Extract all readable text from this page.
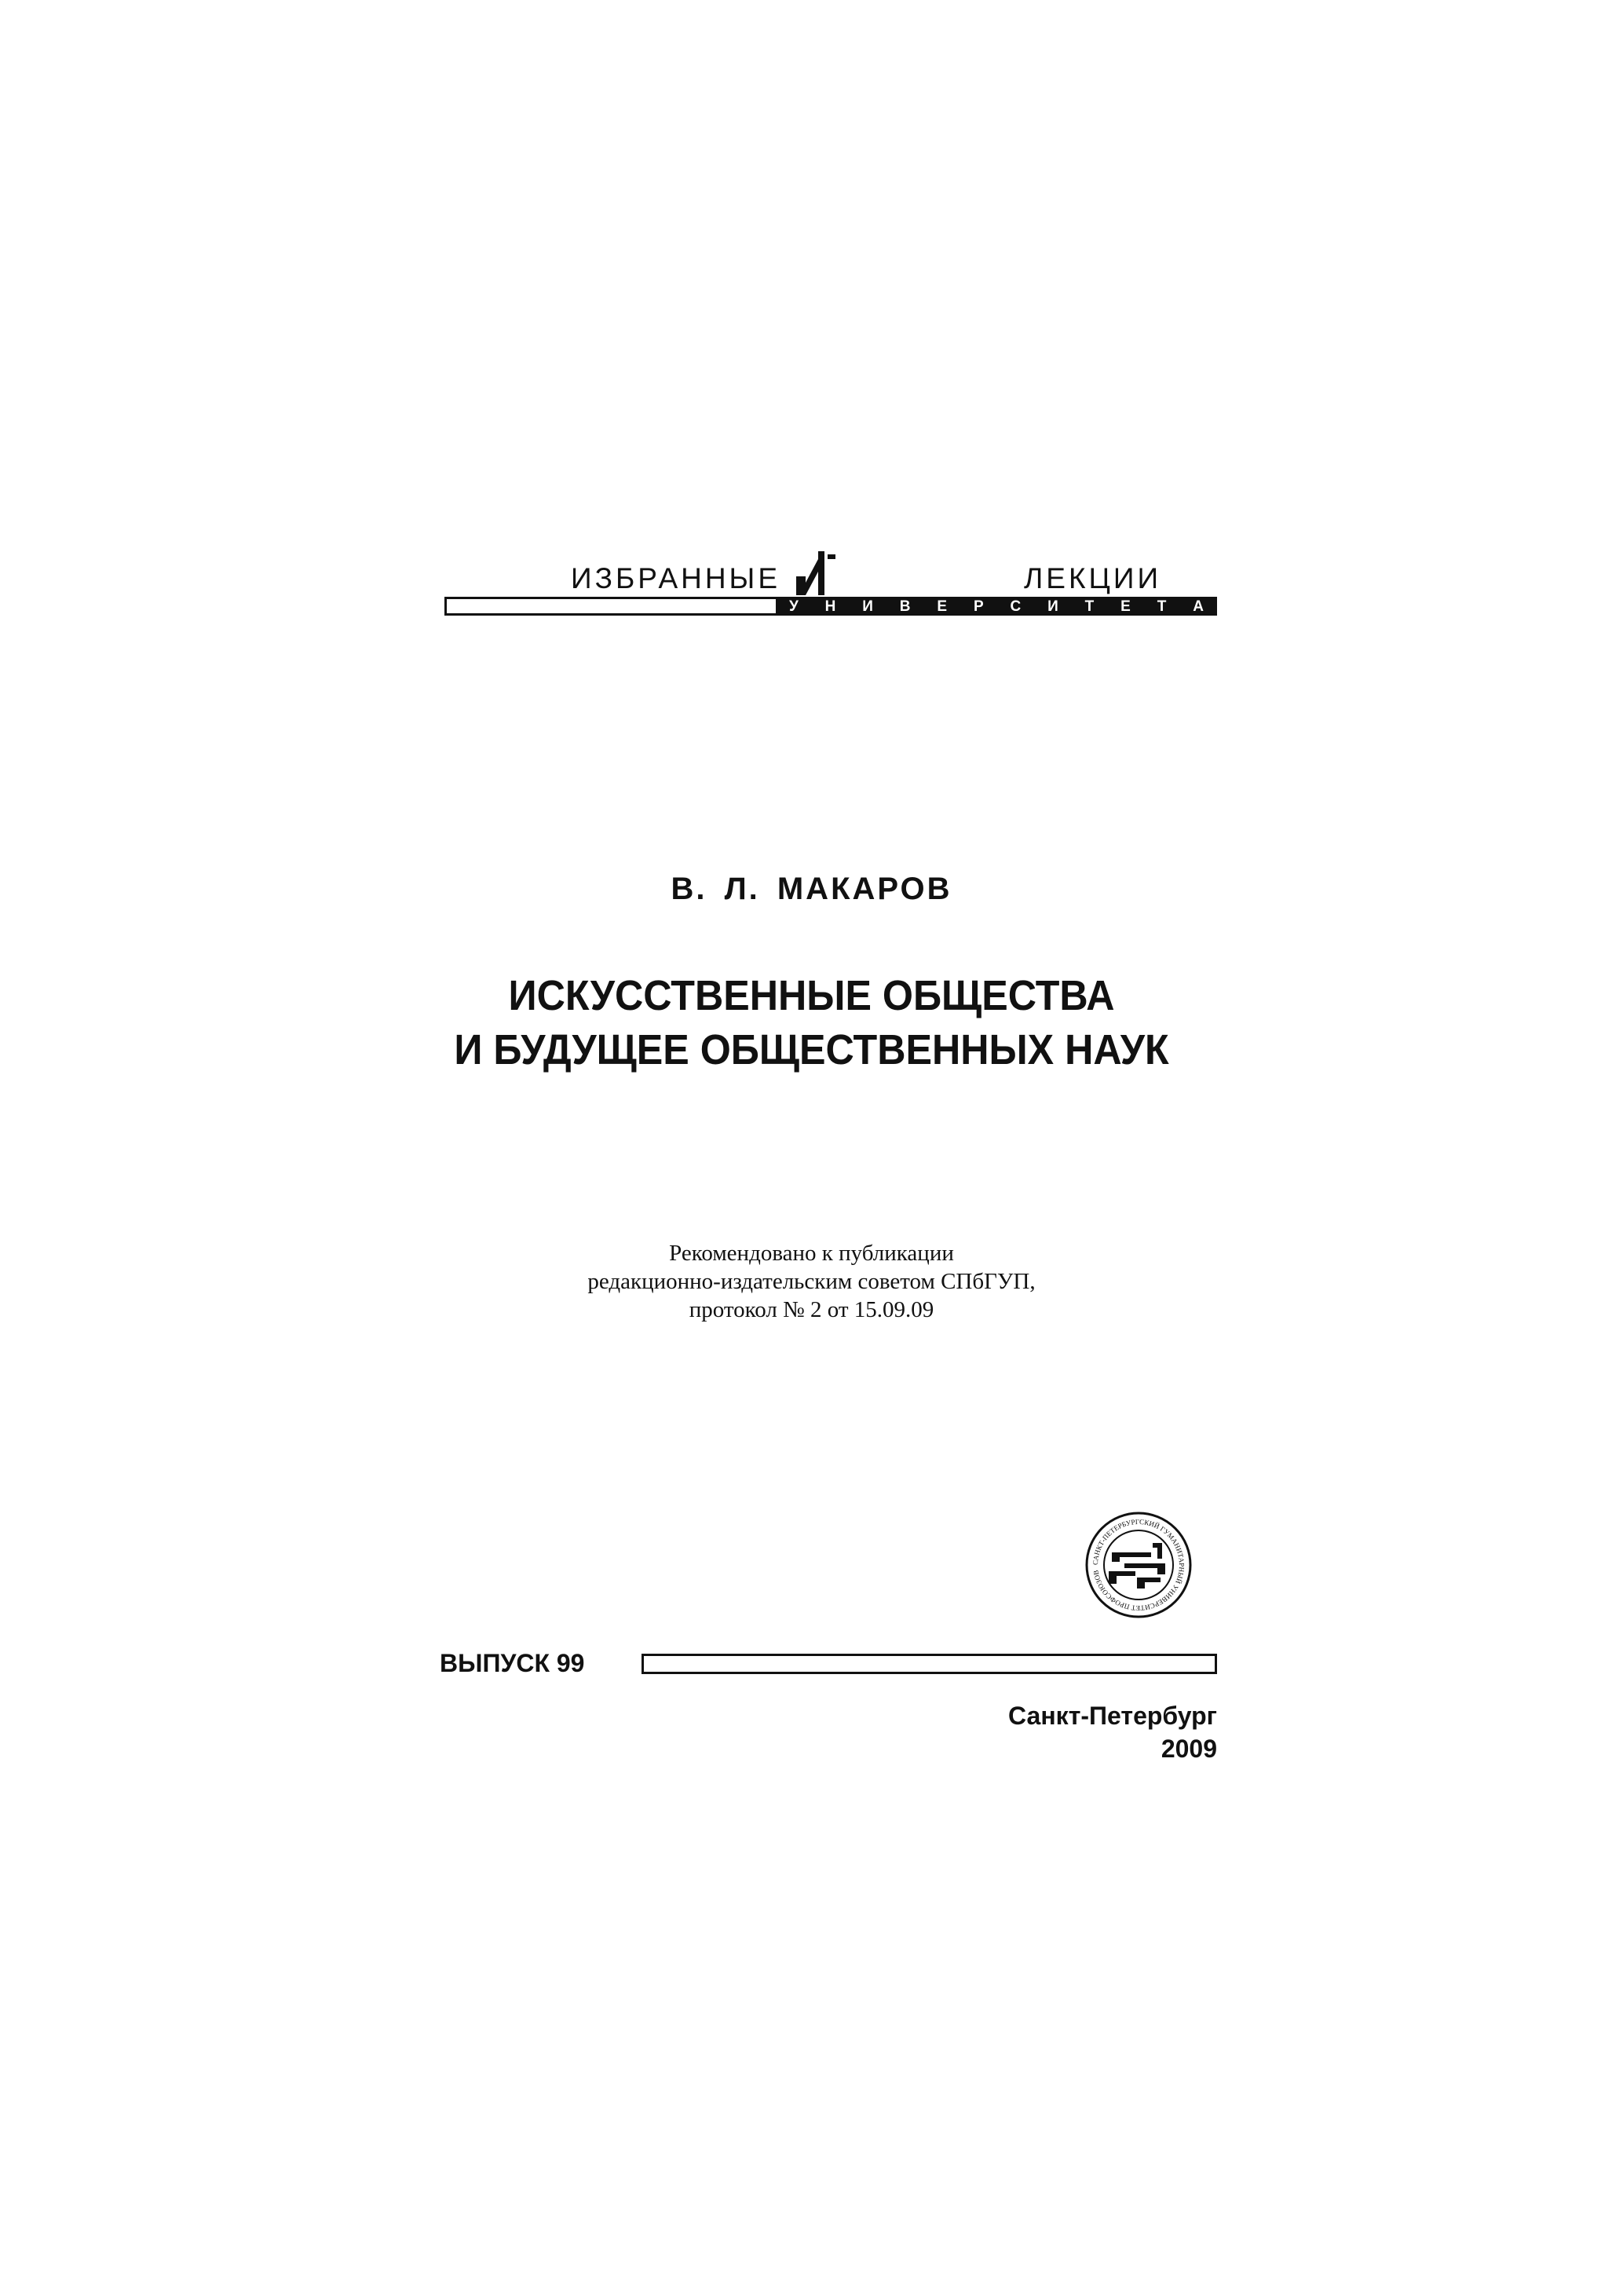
ИЗБРАННЫЕ	ЛЕКЦИИ
У Н И В Е Р С И Т Е Т А
В. Л. МАКАРОВ
ИСКУССТВЕННЫЕ ОБЩЕСТВА
И БУДУЩЕЕ ОБЩЕСТВЕННЫХ НАУК
Рекомендовано к публикации
редакционно-издательским советом СПбГУП,
протокол № 2 от 15.09.09
САНКТ-ПЕТЕРБУРГСКИЙ ГУМАНИТАРНЫЙ УНИВЕРСИТЕТ ПРОФСОЮЗОВ
ВЫПУСК 99
Санкт-Петербург
2009
